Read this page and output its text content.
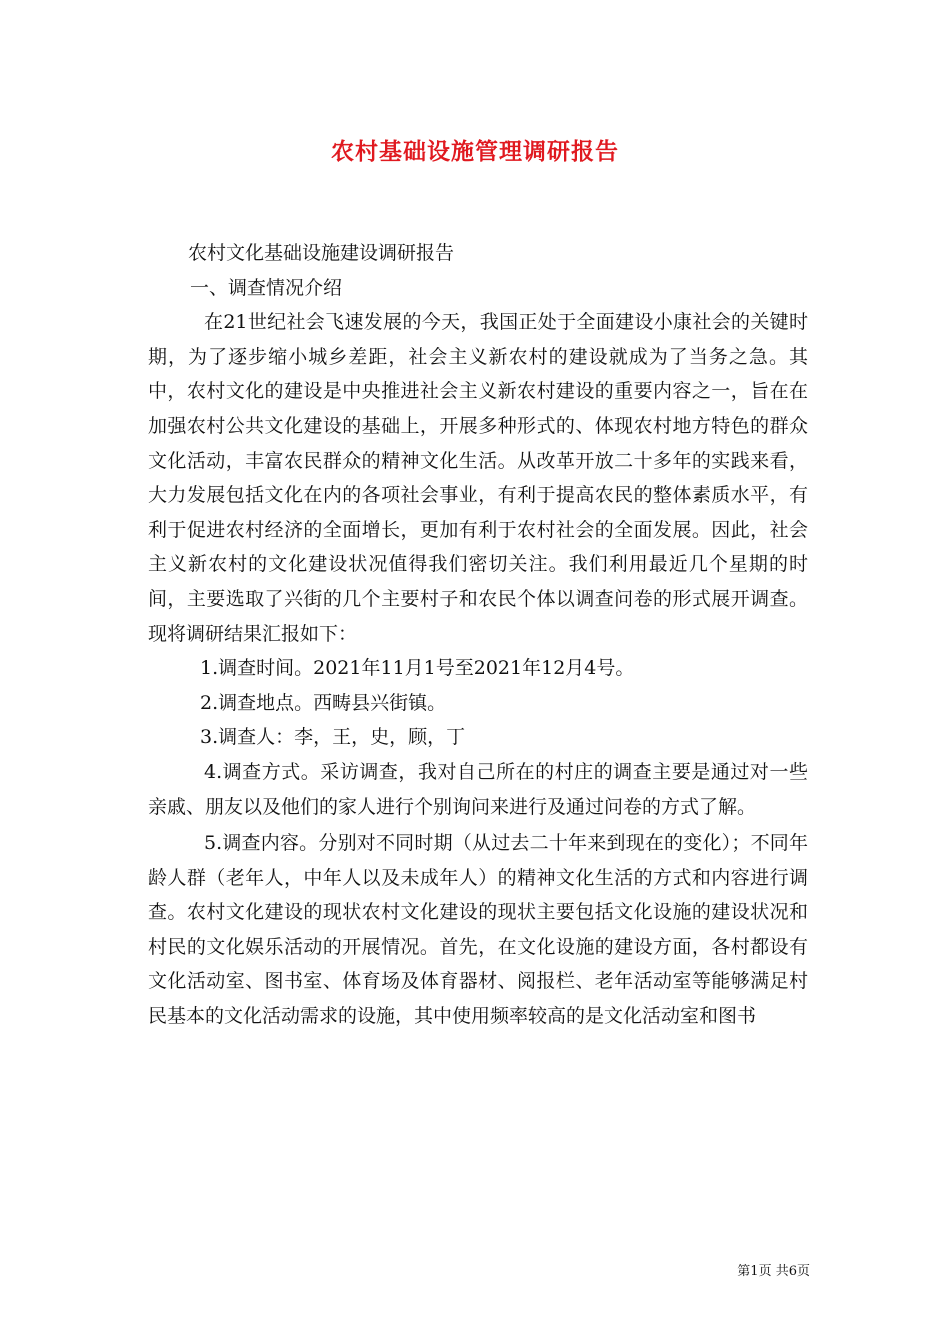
农村基础设施管理调研报告

农村文化基础设施建设调研报告

一、调查情况介绍

在21世纪社会飞速发展的今天，我国正处于全面建设小康社会的关键时期，为了逐步缩小城乡差距，社会主义新农村的建设就成为了当务之急。其中，农村文化的建设是中央推进社会主义新农村建设的重要内容之一，旨在在加强农村公共文化建设的基础上，开展多种形式的、体现农村地方特色的群众文化活动，丰富农民群众的精神文化生活。从改革开放二十多年的实践来看，大力发展包括文化在内的各项社会事业，有利于提高农民的整体素质水平，有利于促进农村经济的全面增长，更加有利于农村社会的全面发展。因此，社会主义新农村的文化建设状况值得我们密切关注。我们利用最近几个星期的时间，主要选取了兴街的几个主要村子和农民个体以调查问卷的形式展开调查。现将调研结果汇报如下：

1.调查时间。2021年11月1号至2021年12月4号。

2.调查地点。西畴县兴街镇。

3.调查人：李，王，史，顾，丁

4.调查方式。采访调查，我对自己所在的村庄的调查主要是通过对一些亲戚、朋友以及他们的家人进行个别询问来进行及通过问卷的方式了解。

5.调查内容。分别对不同时期（从过去二十年来到现在的变化）；不同年龄人群（老年人，中年人以及未成年人）的精神文化生活的方式和内容进行调查。农村文化建设的现状农村文化建设的现状主要包括文化设施的建设状况和村民的文化娱乐活动的开展情况。首先，在文化设施的建设方面，各村都设有文化活动室、图书室、体育场及体育器材、阅报栏、老年活动室等能够满足村民基本的文化活动需求的设施，其中使用频率较高的是文化活动室和图书

第1页 共6页
